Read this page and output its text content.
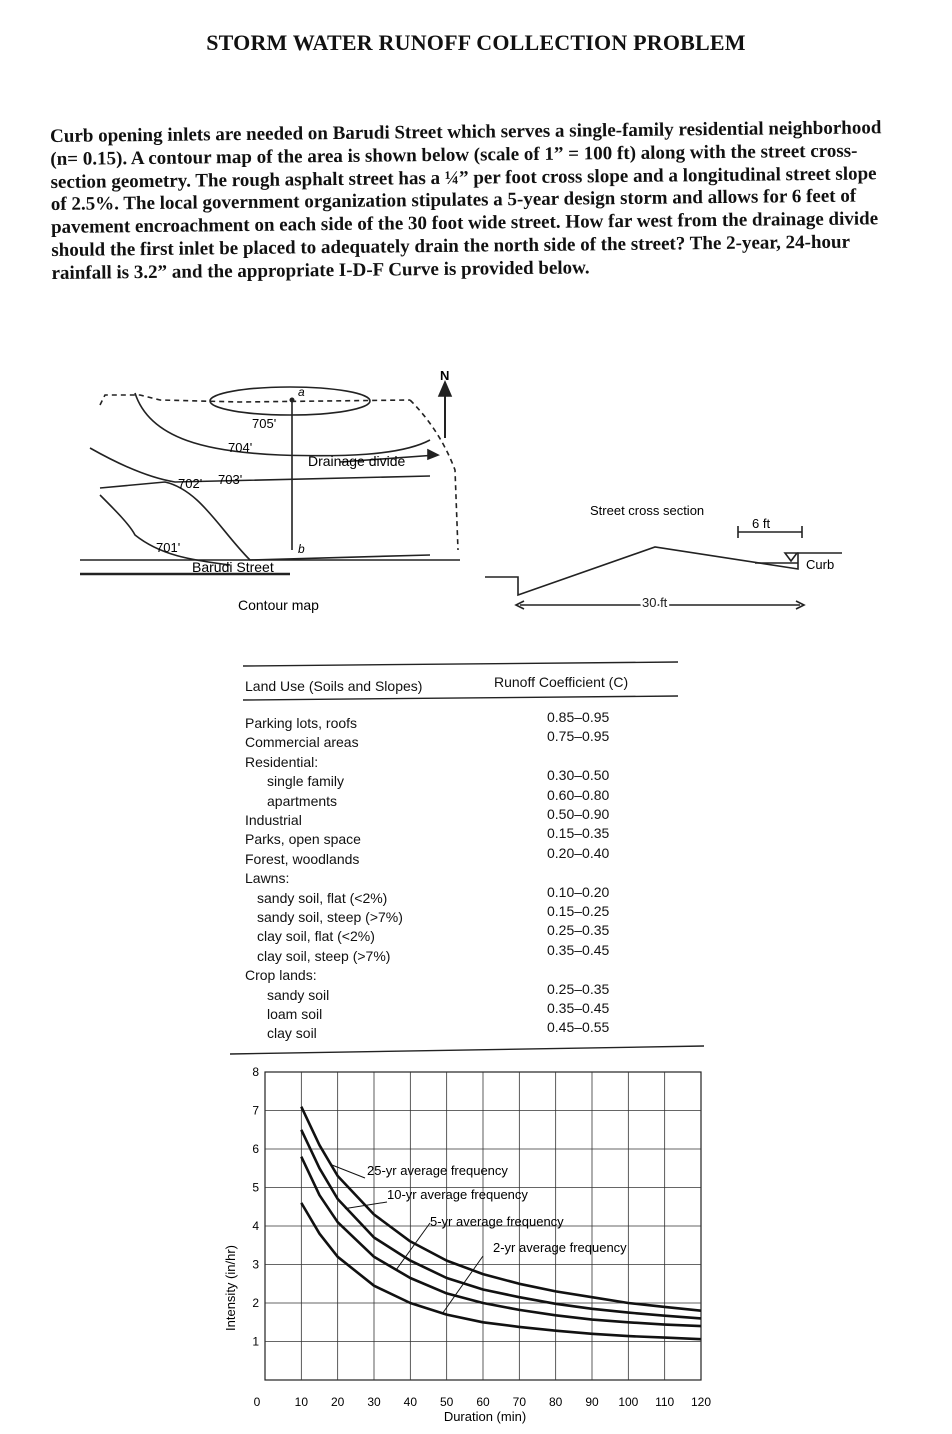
STORM WATER RUNOFF COLLECTION PROBLEM
Curb opening inlets are needed on Barudi Street which serves a single-family residential neighborhood (n= 0.15). A contour map of the area is shown below (scale of 1” = 100 ft) along with the street cross-section geometry. The rough asphalt street has a ¼” per foot cross slope and a longitudinal street slope of 2.5%. The local government organization stipulates a 5-year design storm and allows for 6 feet of pavement encroachment on each side of the 30 foot wide street. How far west from the drainage divide should the first inlet be placed to adequately drain the north side of the street? The 2-year, 24-hour rainfall is 3.2” and the appropriate I-D-F Curve is provided below.
N
a
b
705'
704'
703'
702'
701'
Drainage divide
Barudi Street
Contour map
Street cross section
6 ft
Curb
30 ft
Land Use (Soils and Slopes)	Runoff Coefficient (C)
Parking lots, roofs
Commercial areas
Residential:
single family
apartments
Industrial
Parks, open space
Forest, woodlands
Lawns:
sandy soil, flat (<2%)
sandy soil, steep (>7%)
clay soil, flat (<2%)
clay soil, steep (>7%)
Crop lands:
sandy soil
loam soil
clay soil
0.85–0.95
0.75–0.95
0.30–0.50
0.60–0.80
0.50–0.90
0.15–0.35
0.20–0.40
0.10–0.20
0.15–0.25
0.25–0.35
0.35–0.45
0.25–0.35
0.35–0.45
0.45–0.55
0	10 20 30 40 50 60 70 80 90 100 110 120
1
2
3
4
5
6
7
8
Intensity (in/hr)
Duration (min)
25-yr average frequency
10-yr average frequency
5-yr average frequency
2-yr average frequency
